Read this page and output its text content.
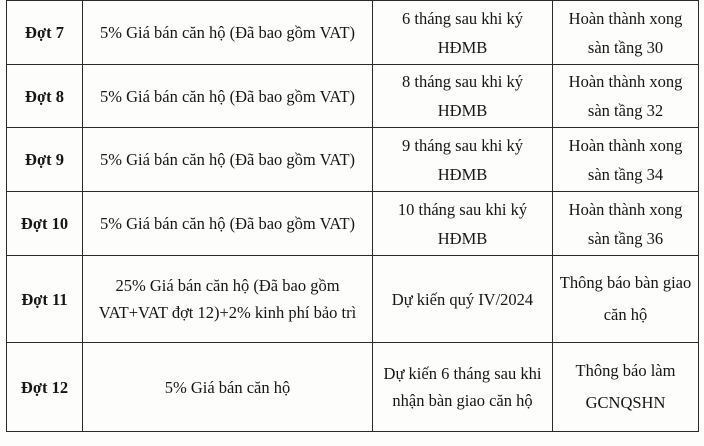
Đợt 7	5% Giá bán căn hộ (Đã bao gồm VAT)	6 tháng sau khi ký HĐMB	Hoàn thành xong sàn tầng 30
Đợt 8	5% Giá bán căn hộ (Đã bao gồm VAT)	8 tháng sau khi ký HĐMB	Hoàn thành xong sàn tầng 32
Đợt 9	5% Giá bán căn hộ (Đã bao gồm VAT)	9 tháng sau khi ký HĐMB	Hoàn thành xong sàn tầng 34
Đợt 10	5% Giá bán căn hộ (Đã bao gồm VAT)	10 tháng sau khi ký HĐMB	Hoàn thành xong sàn tầng 36
Đợt 11	25% Giá bán căn hộ (Đã bao gồm VAT+VAT đợt 12)+2% kinh phí bảo trì	Dự kiến quý IV/2024	Thông báo bàn giao căn hộ
Đợt 12	5% Giá bán căn hộ	Dự kiến 6 tháng sau khi nhận bàn giao căn hộ	Thông báo làm GCNQSHN
